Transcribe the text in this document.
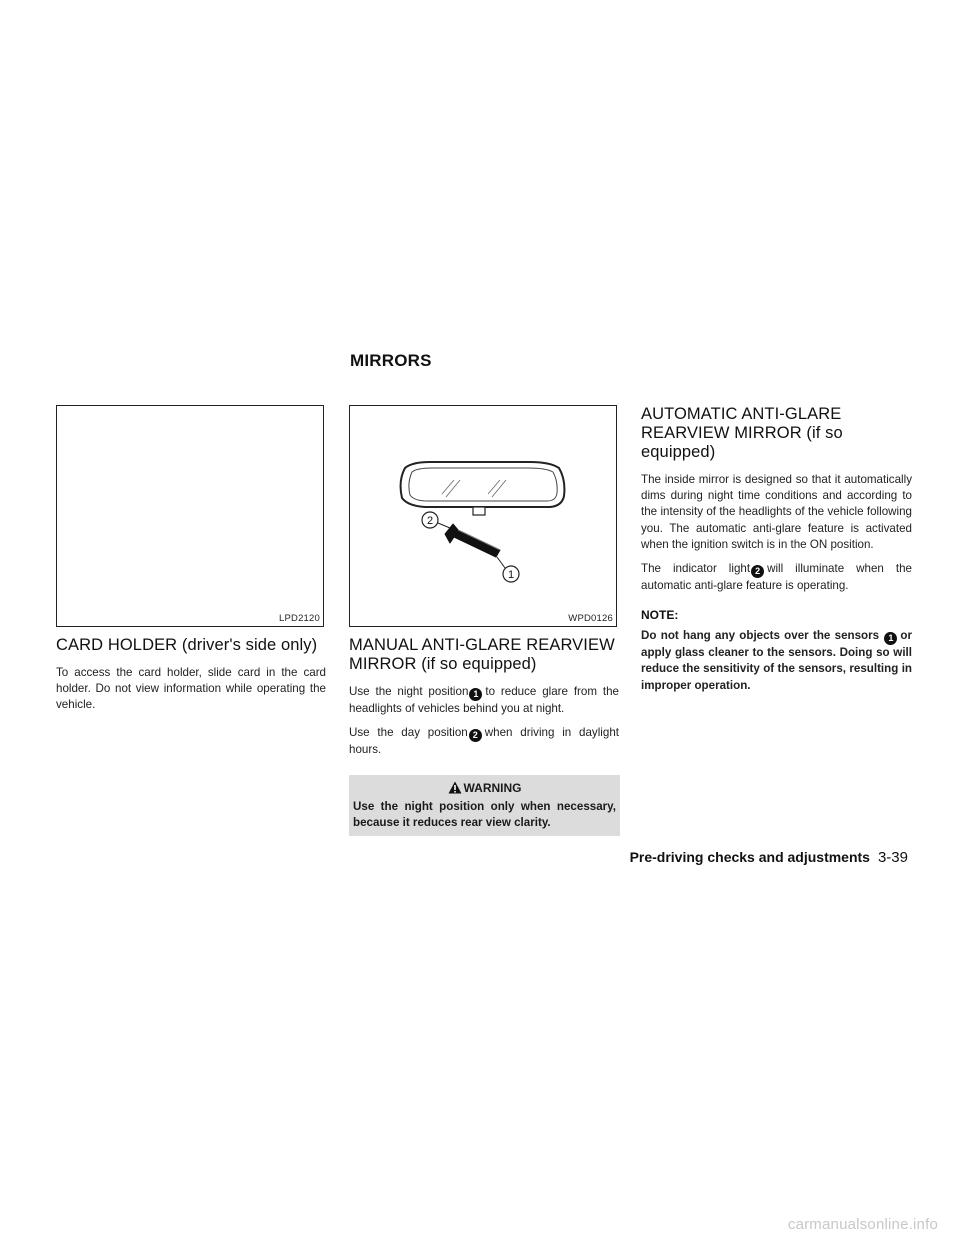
MIRRORS
LPD2120
CARD HOLDER (driver's side only)

To access the card holder, slide card in the card holder. Do not view information while operating the vehicle.

2
1
WPD0126
MANUAL ANTI-GLARE REARVIEW MIRROR (if so equipped)

Use the night position 1 to reduce glare from the headlights of vehicles behind you at night.

Use the day position 2 when driving in daylight hours.

WARNING
Use the night position only when necessary, because it reduces rear view clarity.
AUTOMATIC ANTI-GLARE REARVIEW MIRROR (if so equipped)

The inside mirror is designed so that it automatically dims during night time conditions and according to the intensity of the headlights of the vehicle following you. The automatic anti-glare feature is activated when the ignition switch is in the ON position.

The indicator light 2 will illuminate when the automatic anti-glare feature is operating.

NOTE:

Do not hang any objects over the sensors 1 or apply glass cleaner to the sensors. Doing so will reduce the sensitivity of the sensors, resulting in improper operation.

Pre-driving checks and adjustments 3-39
carmanualsonline.info
